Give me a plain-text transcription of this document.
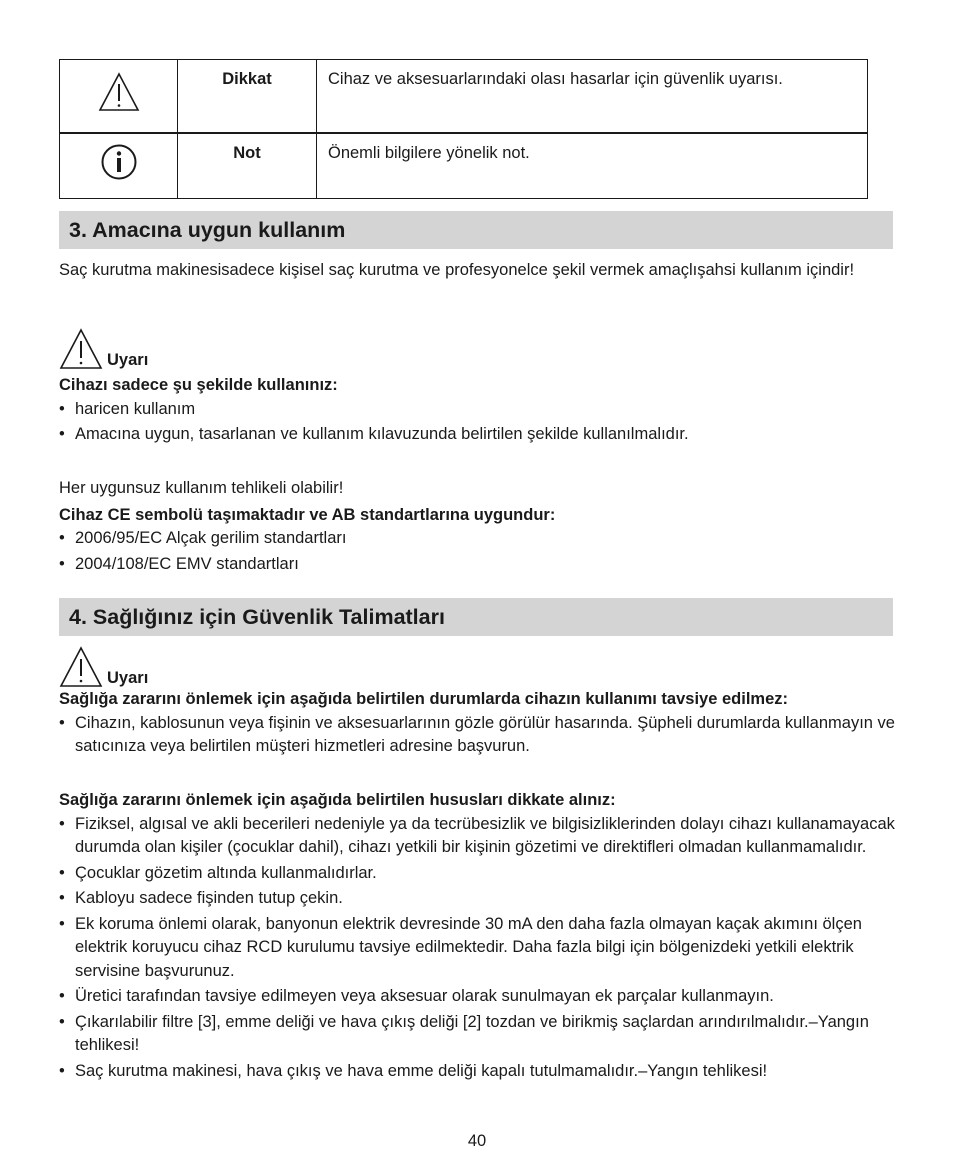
	Dikkat	Cihaz ve aksesuarlarındaki olası hasarlar için güvenlik uyarısı.
	Not	Önemli bilgilere yönelik not.
3. Amacına uygun kullanım

Saç kurutma makinesisadece kişisel saç kurutma ve profesyonelce şekil vermek amaçlışahsi kullanım içindir!

Uyarı

Cihazı sadece şu şekilde kullanınız:

• haricen kullanım
• Amacına uygun, tasarlanan ve kullanım kılavuzunda belirtilen şekilde kullanılmalıdır.

Her uygunsuz kullanım tehlikeli olabilir!

Cihaz CE sembolü taşımaktadır ve AB standartlarına uygundur:

• 2006/95/EC Alçak gerilim standartları
• 2004/108/EC EMV standartları
4. Sağlığınız için Güvenlik Talimatları
Uyarı

Sağlığa zararını önlemek için aşağıda belirtilen durumlarda cihazın kullanımı tavsiye edilmez:

• Cihazın, kablosunun veya fişinin ve aksesuarlarının gözle görülür hasarında. Şüpheli durumlarda kullanmayın ve satıcınıza veya belirtilen müşteri hizmetleri adresine başvurun.

Sağlığa zararını önlemek için aşağıda belirtilen hususları dikkate alınız:

• Fiziksel, algısal ve akli becerileri nedeniyle ya da tecrübesizlik ve bilgisizliklerinden dolayı cihazı kullanamayacak durumda olan kişiler (çocuklar dahil), cihazı yetkili bir kişinin gözetimi ve direktifleri olmadan kullanmamalıdır.
• Çocuklar gözetim altında kullanmalıdırlar.
• Kabloyu sadece fişinden tutup çekin.
• Ek koruma önlemi olarak, banyonun elektrik devresinde 30 mA den daha fazla olmayan kaçak akımını ölçen elektrik koruyucu cihaz RCD kurulumu tavsiye edilmektedir. Daha fazla bilgi için bölgenizdeki yetkili elektrik servisine başvurunuz.
• Üretici tarafından tavsiye edilmeyen veya aksesuar olarak sunulmayan ek parçalar kullanmayın.
• Çıkarılabilir filtre [3], emme deliği ve hava çıkış deliği [2] tozdan ve birikmiş saçlardan arındırılmalıdır.–Yangın tehlikesi!
• Saç kurutma makinesi, hava çıkış ve hava emme deliği kapalı tutulmamalıdır.–Yangın tehlikesi!
40
